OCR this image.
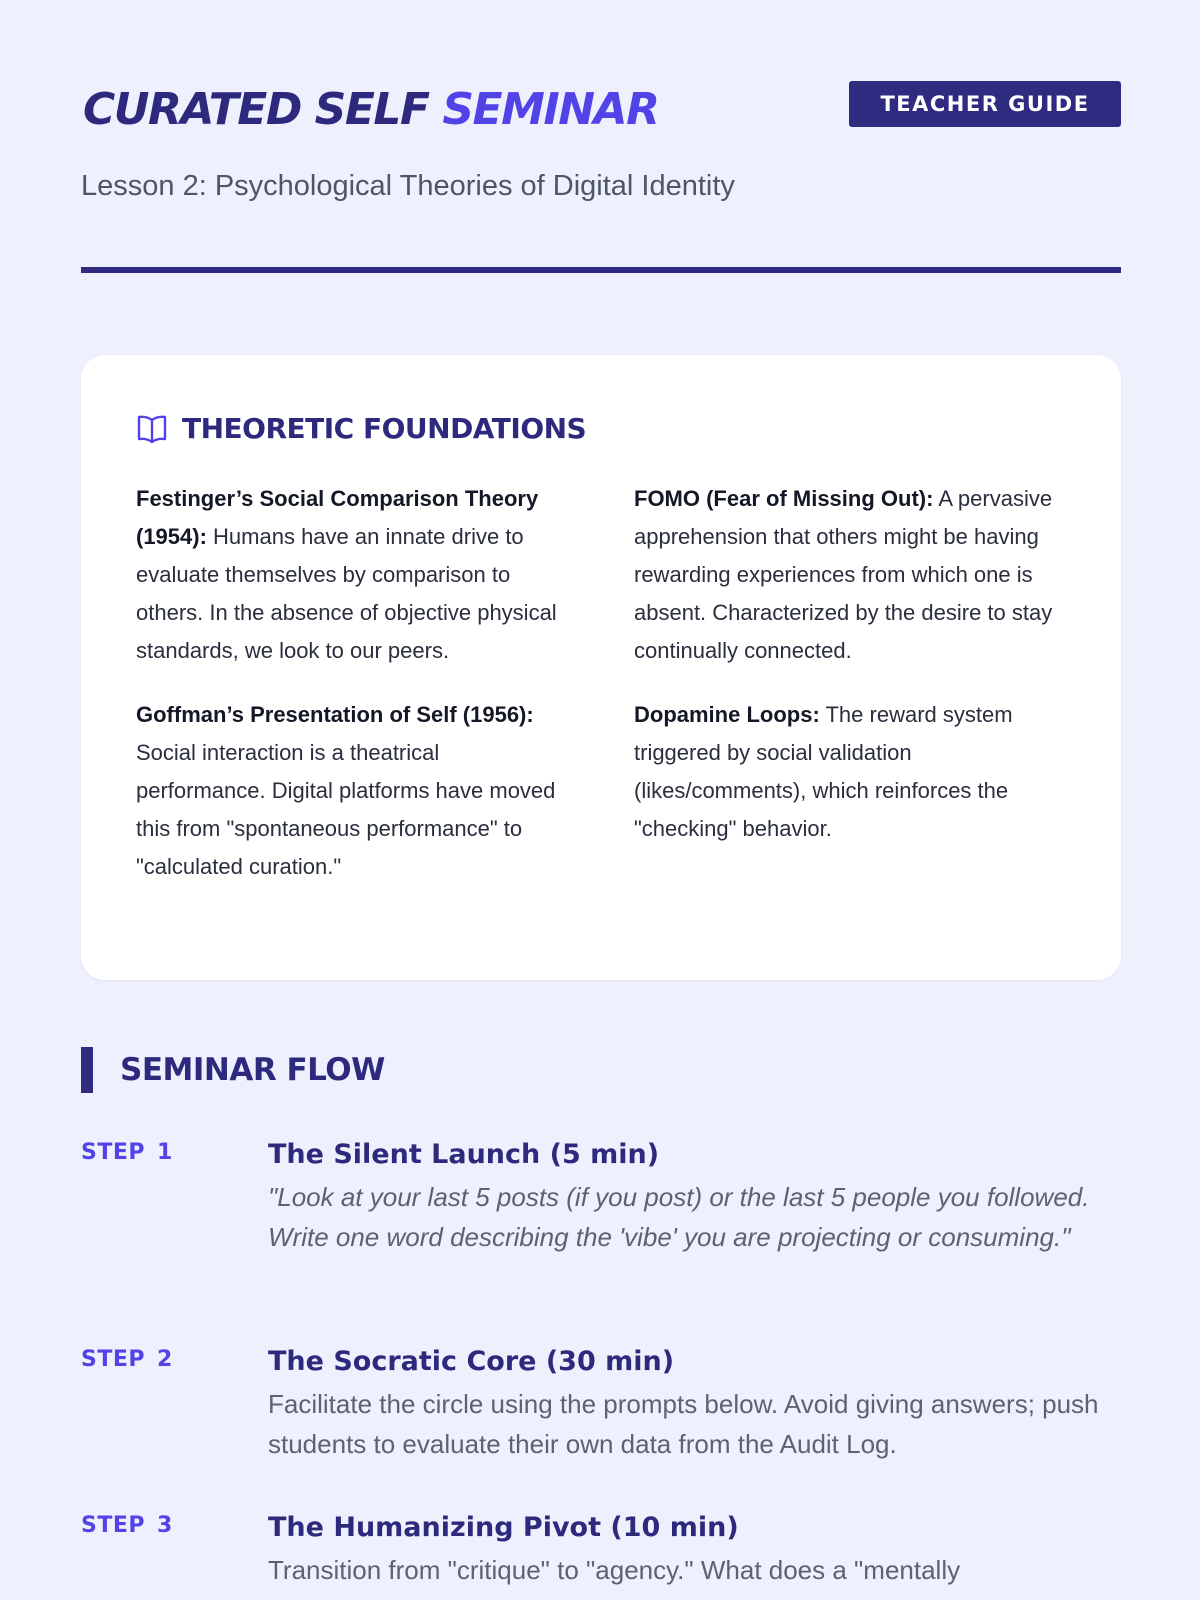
CURATED SELF SEMINAR	TEACHER GUIDE
Lesson 2: Psychological Theories of Digital Identity
THEORETIC FOUNDATIONS

Festinger’s Social Comparison Theory (1954): Humans have an innate drive to evaluate themselves by comparison to others. In the absence of objective physical standards, we look to our peers.

FOMO (Fear of Missing Out): A pervasive apprehension that others might be having rewarding experiences from which one is absent. Characterized by the desire to stay continually connected.

Goffman’s Presentation of Self (1956): Social interaction is a theatrical performance. Digital platforms have moved this from "spontaneous performance" to "calculated curation."

Dopamine Loops: The reward system triggered by social validation (likes/comments), which reinforces the "checking" behavior.

SEMINAR FLOW
STEP 1	The Silent Launch (5 min)

"Look at your last 5 posts (if you post) or the last 5 people you followed. Write one word describing the 'vibe' you are projecting or consuming."

STEP 2	The Socratic Core (30 min)

Facilitate the circle using the prompts below. Avoid giving answers; push students to evaluate their own data from the Audit Log.

STEP 3	The Humanizing Pivot (10 min)

Transition from "critique" to "agency." What does a "mentally
